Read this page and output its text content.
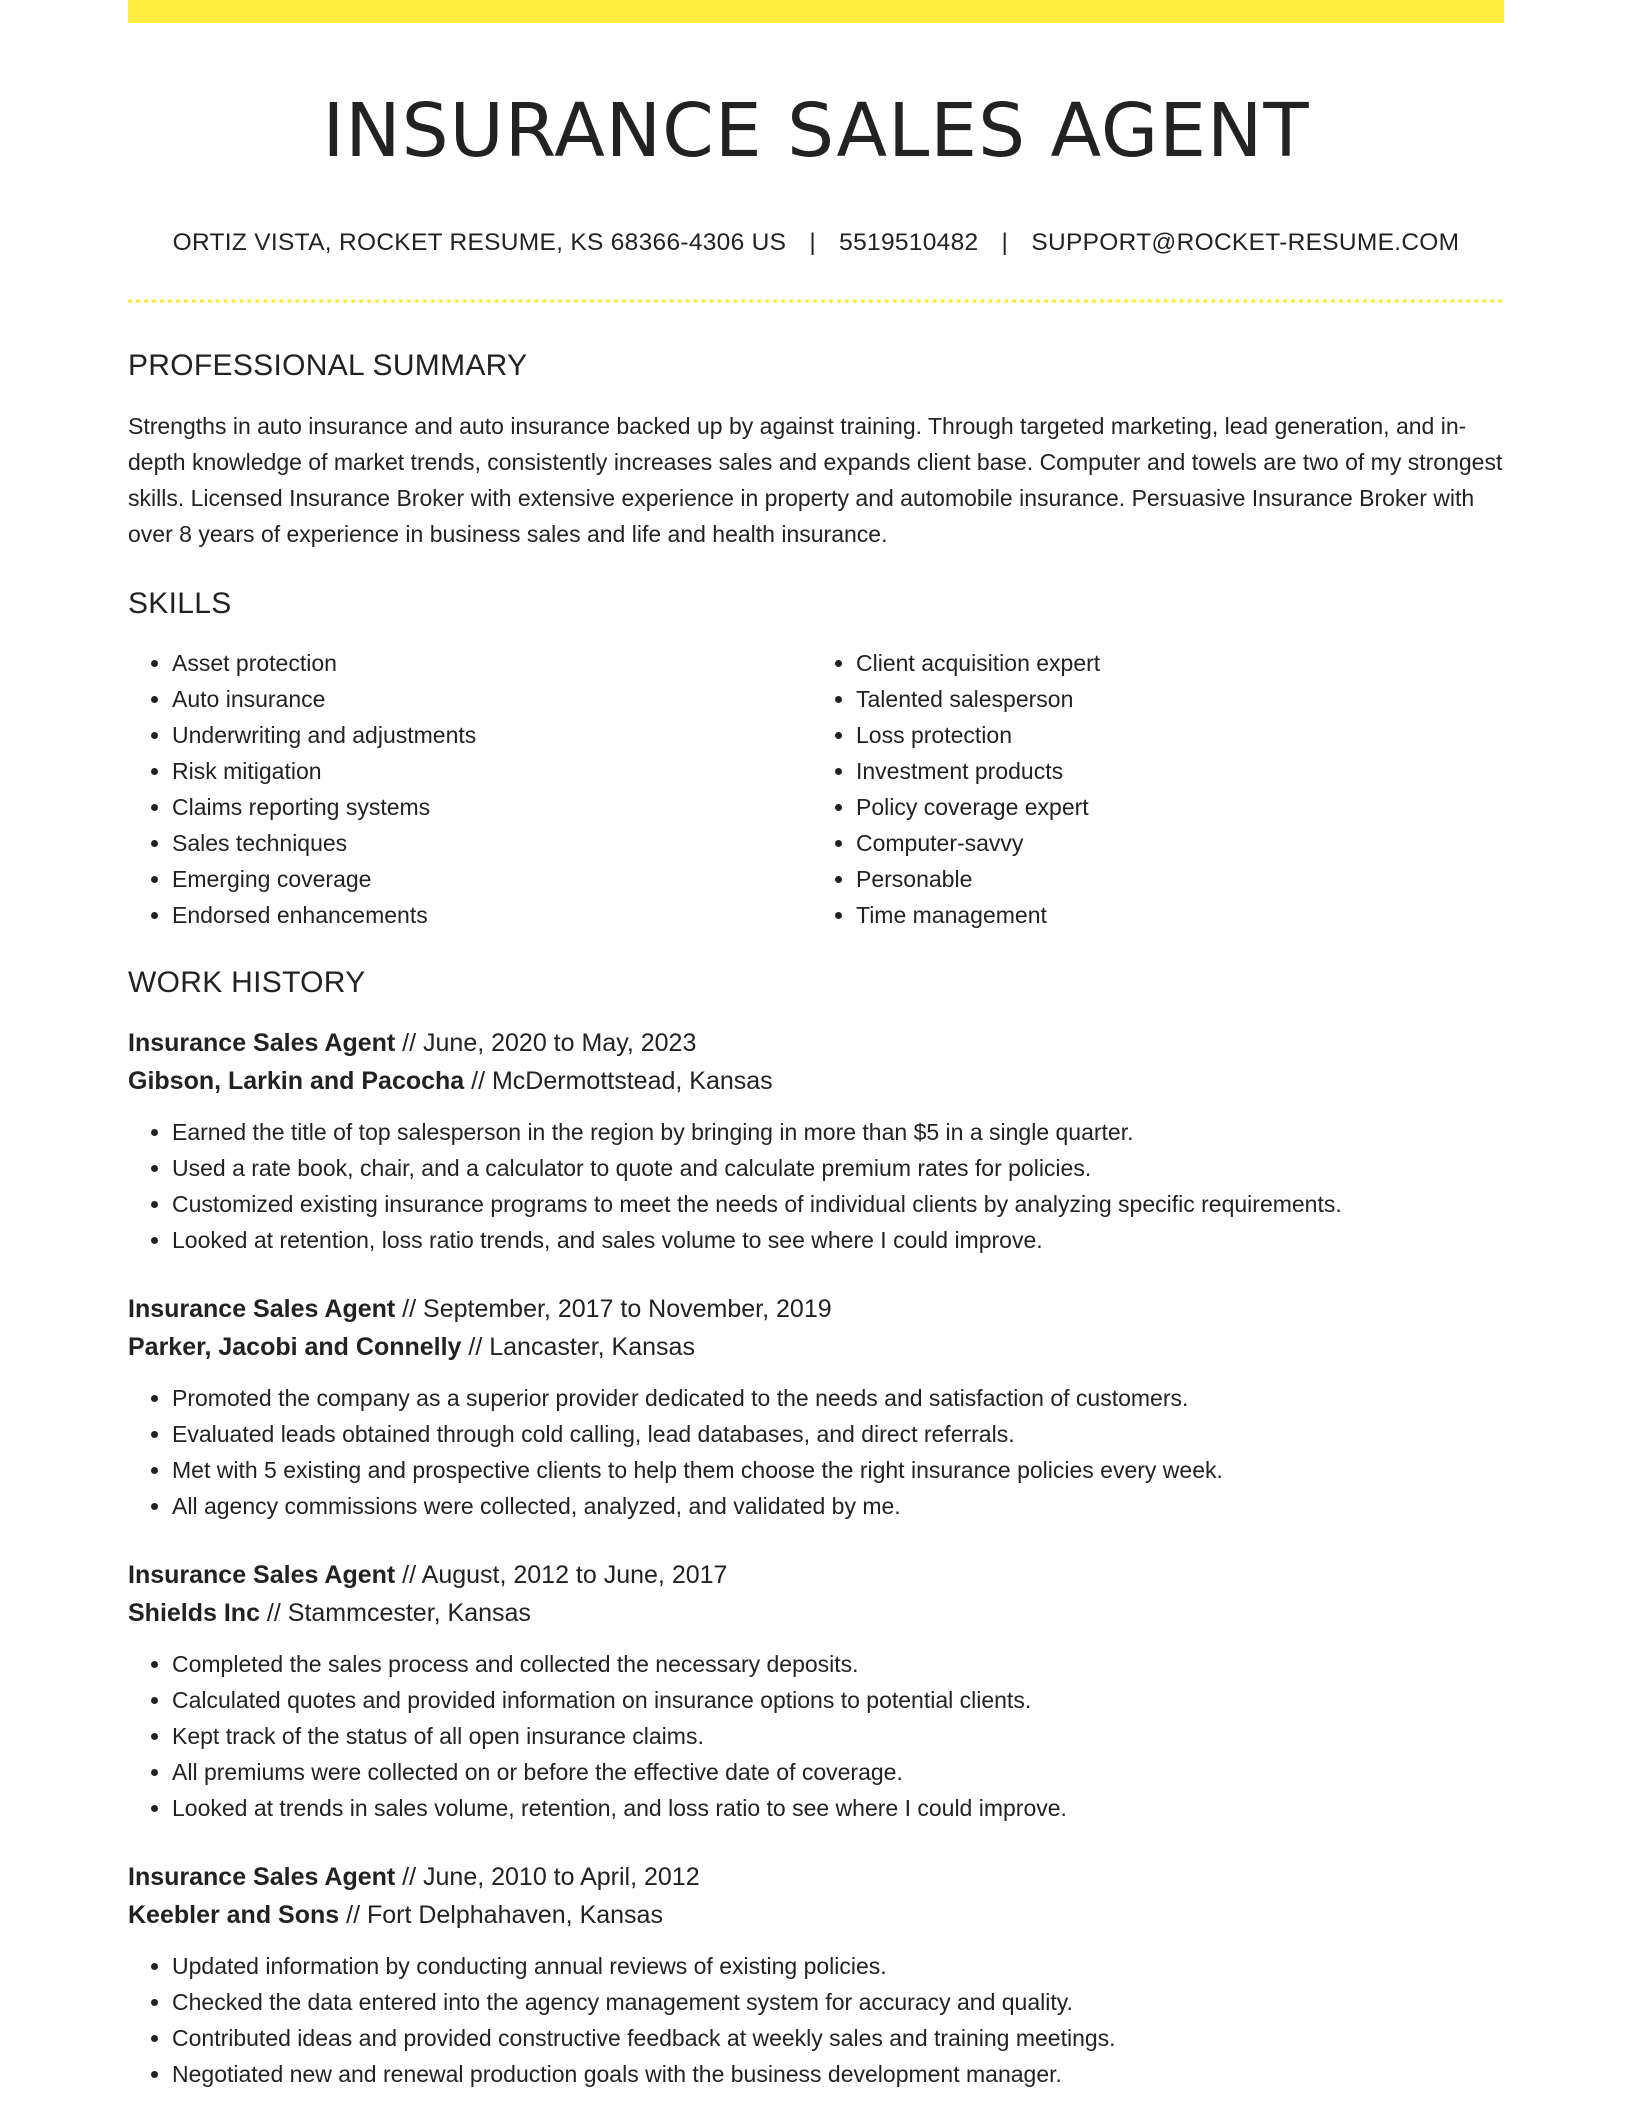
INSURANCE SALES AGENT
ORTIZ VISTA, ROCKET RESUME, KS 68366-4306 US | 5519510482 | SUPPORT@ROCKET-RESUME.COM
PROFESSIONAL SUMMARY

Strengths in auto insurance and auto insurance backed up by against training. Through targeted marketing, lead generation, and in-depth knowledge of market trends, consistently increases sales and expands client base. Computer and towels are two of my strongest skills. Licensed Insurance Broker with extensive experience in property and automobile insurance. Persuasive Insurance Broker with over 8 years of experience in business sales and life and health insurance.

SKILLS
• Asset protection
• Auto insurance
• Underwriting and adjustments
• Risk mitigation
• Claims reporting systems
• Sales techniques
• Emerging coverage
• Endorsed enhancements
• Client acquisition expert
• Talented salesperson
• Loss protection
• Investment products
• Policy coverage expert
• Computer-savvy
• Personable
• Time management
WORK HISTORY
Insurance Sales Agent // June, 2020 to May, 2023
Gibson, Larkin and Pacocha // McDermottstead, Kansas
• Earned the title of top salesperson in the region by bringing in more than $5 in a single quarter.
• Used a rate book, chair, and a calculator to quote and calculate premium rates for policies.
• Customized existing insurance programs to meet the needs of individual clients by analyzing specific requirements.
• Looked at retention, loss ratio trends, and sales volume to see where I could improve.
Insurance Sales Agent // September, 2017 to November, 2019
Parker, Jacobi and Connelly // Lancaster, Kansas
• Promoted the company as a superior provider dedicated to the needs and satisfaction of customers.
• Evaluated leads obtained through cold calling, lead databases, and direct referrals.
• Met with 5 existing and prospective clients to help them choose the right insurance policies every week.
• All agency commissions were collected, analyzed, and validated by me.
Insurance Sales Agent // August, 2012 to June, 2017
Shields Inc // Stammcester, Kansas
• Completed the sales process and collected the necessary deposits.
• Calculated quotes and provided information on insurance options to potential clients.
• Kept track of the status of all open insurance claims.
• All premiums were collected on or before the effective date of coverage.
• Looked at trends in sales volume, retention, and loss ratio to see where I could improve.
Insurance Sales Agent // June, 2010 to April, 2012
Keebler and Sons // Fort Delphahaven, Kansas
• Updated information by conducting annual reviews of existing policies.
• Checked the data entered into the agency management system for accuracy and quality.
• Contributed ideas and provided constructive feedback at weekly sales and training meetings.
• Negotiated new and renewal production goals with the business development manager.
